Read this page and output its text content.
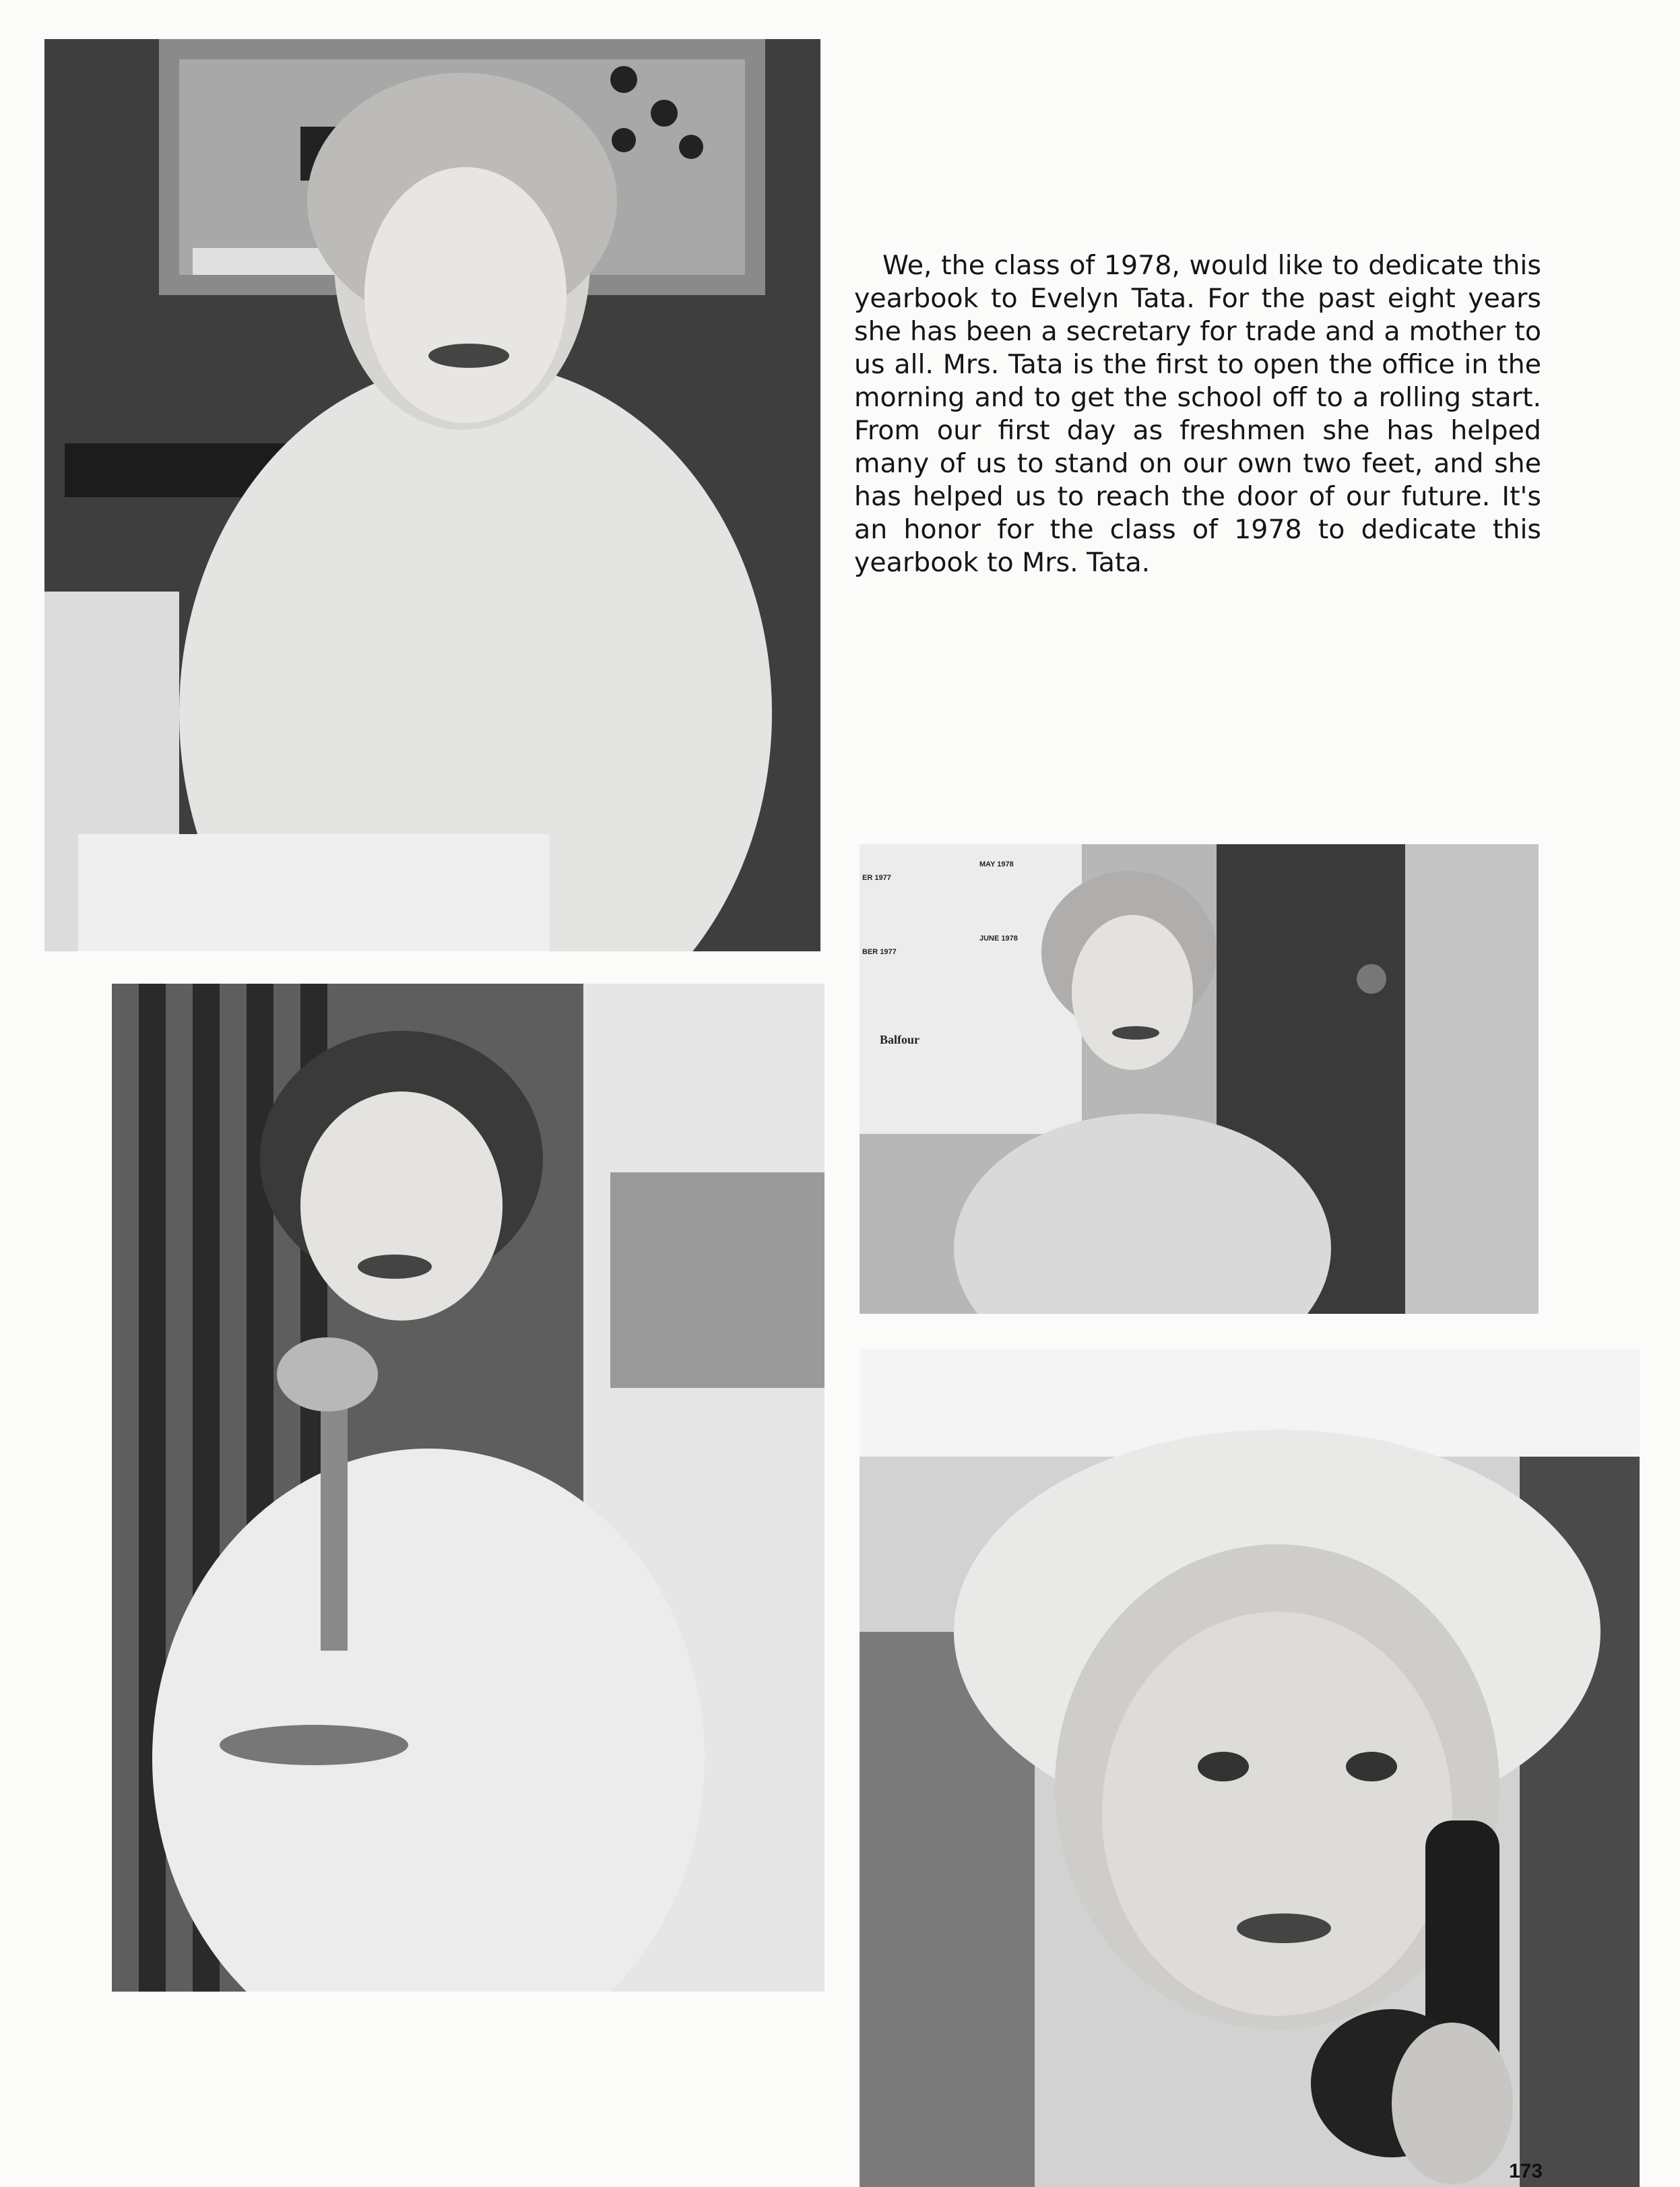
MAY 1978
JUNE 1978
ER 1977
BER 1977
Balfour

We, the class of 1978, would like to dedicate this yearbook to Evelyn Tata. For the past eight years she has been a secretary for trade and a mother to us all. Mrs. Tata is the first to open the office in the morning and to get the school off to a rolling start. From our first day as freshmen she has helped many of us to stand on our own two feet, and she has helped us to reach the door of our future. It's an honor for the class of 1978 to dedicate this yearbook to Mrs. Tata.

173
